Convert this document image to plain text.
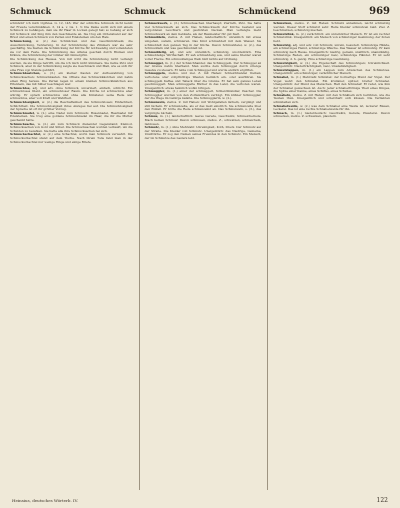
Schmuck	Schmuck	Schmückend	969

schmückt' ich mich Ogilvies. G. 12, 145; Wer der schlichte Schmuck nicht kennt der Freude verschmähnen. 3, 14 a. v. Gs. 1. 3; Die Dame sucht sich mit einem Schmuck zu behängen, dem sie ihr Haar in Locken gelegt hat; so behang er sich mit Schmuck und hing ihm den Geschmeide an. Sie trug ein Ordensband auf der Brust und einen Schmuck von Perlen und Edelsteinen um den Hals.

Schmuckung, w. (2.) das Schmücken und das Geschmücktsein; die Ausschmückung, Verzierung. In der Schmückung des Zimmers war sie sehr geschäftig. Sie hielten die Schmückung der Kirche für nothwendig und vollendeten sie vor dem Feste. Die Schmückung des Altares geschah durch Blumen und Kränze, die Schmückung der Gräber mit Immergrün.

Die Schmückung des Hauses. Von mir wird die Schmückung nicht verlangt werden, da sie Dinge betrifft, um die ich mich nicht kümmere. Sie liebte Putz und Schmuck, aber in der Schmückung zeigte sie Geschmack und Maß, wie es sich für eine Frau von Stande gebührt.

Schmuckkästchen, s. (3.) ein kleiner Kasten zur Aufbewahrung von Schmucksachen; Schmuckkasten. Sie öffnete das Schmuckkästchen und nahm einen Ring heraus. Die Perlen lagen in einem kleinen Schmuckkästchen aus Elfenbein, das mit Silber beschlagen war.

Schmucklos, adj. und adv. ohne Schmuck, unverziert, einfach, schlicht. Ein schmuckloses Kleid, ein schmuckloser Raum. Die Kirche ist schmucklos aber würdig. Er sprach schmucklos und ohne alle Künstelei; seine Rede war schmucklos, aber voll Kraft und Wahrheit.

Schmucklosigkeit, w. (2.) die Beschaffenheit des Schmucklosen; Einfachheit, Schlichtheit. Die Schmucklosigkeit ihres Anzuges fiel auf. Die Schmucklosigkeit der Sprache ist oft ihr größter Vorzug.

Schmucknadel, w. (2.) eine Nadel zum Schmuck; Busennadel, Haarnadel mit Edelsteinen. Sie trug eine goldene Schmucknadel im Haar, die ihr die Mutter geschenkt hatte.

Schmucksache, w. (2.) ein zum Schmuck dienender Gegenstand; Kleinod. Schmucksachen von Gold und Silber. Die Schmucksachen wurden verkauft, um die Schulden zu bezahlen. Sie hatte alle ihre Schmucksachen bei sich.

Schmuckschachtel, w. (2.) eine Schachtel, worin man Schmuck verwahrt. Die Schmuckschachtel stand auf dem Tische. Nach ihrem Tode fand man in der Schmuckschachtel nur wenige Ringe und einige Briefe.

Schmuckwerk, s. (3.) Schmucksachen überhaupt; Zierrath, Putz. Sie hatte viel Schmuckwerk an sich. Das Schmuckwerk der Kirche bestand aus vergoldeten Leuchtern und gestickten Decken. Man verlangte mehr Schmuckwerk an dem Gebäude, als der Baumeister für gut hielt.

Schmuddeln, ziellos. Z. mit Haben, landschaftlich: unreinlich mit etwas umgehen, sudeln, schmieren. Das Kind schmuddelt mit dem Wasser. Sie schmuddelt den ganzen Tag in der Küche. Davon Schmuddelei, w. (2.), das Schmuddeln und was geschmuddelt ist.

Schmuddelig, adj. und adv. unreinlich, schmutzig, unordentlich. Eine schmuddelige Wirthschaft. Er sah schmuddelig aus, und seine Kleider waren voller Flecke. Ein schmuddeliges Weib hält nichts auf Ordnung.

Schmuggel, m. (1.) der Schleichhandel; das Schmuggeln. Der Schmuggel an der Grenze nahm überhand. Man suchte dem Schmuggel durch strenge Gesetze zu steuern. Er lebte vom Schmuggel und wurde endlich ergriffen.

Schmuggeln, ziellos. und ziel. Z. mit Haben: Schleichhandel treiben; verbotene oder zollpflichtige Waaren heimlich ein- oder ausführen. Sie schmuggeln Kaffee und Taback über die Grenze. Er hat sein ganzes Leben geschmuggelt. Man schmuggelte Bücher in das Land, die verboten waren. Uneigentlich: etwas heimlich wohin bringen.

Schmuggler, m. (1.) einer der schmuggelt, Schleichhändler, Pascher. Die Schmuggler wurden von den Zollwächtern verfolgt. Ein kühner Schmuggler, der die Wege im Gebirge kannte. Die Schmugglerin, w. (2.).

Schmunzeln, ziellos. Z. mit Haben: mit Wohlgefallen lächeln, vergnügt und still lächeln. Er schmunzelte, als er das Geld einstrich. Sie schmunzelte über den Einfall. Er hörte die Rede schmunzelnd an. Das Schmunzeln, s. (3.), das vergnügte Lächeln.

Schmus, m. (1.) landschaftlich: leeres Gerede, Geschwätz, Schmeichelrede. Mach keinen Schmus! Davon schmusen, ziellos. Z., schwatzen, schmeicheln, liebkosen.

Schmutz, m. (1.) ohne Mehrzahl: Unreinigkeit, Koth, Dreck. Der Schmutz auf der Straße. Die Kleider voll Schmutz. Uneigentlich: das Niedrige, Gemeine, Unsittliche. Er zog den Namen seines Freundes in den Schmutz. Ein Mensch, der im Schmutze des Lasters lebt.

Schmutzen, ziellos. Z. mit Haben: Schmutz annehmen, leicht schmutzig werden. Dieser Stoff schmutzt sehr. Helle Kleider schmutzen bald. Ziel. Z. beschmutzen, schmutzig machen.

Schmutzfink, m. (2.) verächtlich: ein unreinlicher Mensch. Er ist ein rechter Schmutzfink. Uneigentlich: ein Mensch von schmutziger Gesinnung, der Zoten liebt.

Schmutzig, adj. und adv. voll Schmutz, unrein, besudelt. Schmutzige Hände, ein schmutziges Hemd, schmutzige Wäsche. Das Wasser ist schmutzig. Er kam schmutzig nach Hause. Uneigentlich: niedrig, gemein, unsittlich, unanständig. Schmutzige Reden, ein schmutziger Geiz, schmutzige Händel. Er ist sehr schmutzig, d. h. geizig. Eine schmutzige Gesinnung.

Schmutzigkeit, w. (2.) die Eigenschaft des Schmutzigen; Unreinlichkeit. Uneigentlich: Niederträchtigkeit, Geiz, Unanständigkeit.

Schmutzlappen, m. (1.) ein Lappen zum Abwischen des Schmutzes. Uneigentlich: ein schmutziger, verächtlicher Mensch.

Schnabel, m. (1.) Mehrzahl Schnäbel: der hornartige Mund der Vögel. Der Vogel wetzt den Schnabel. Ein krummer, spitzer, breiter Schnabel. Uneigentlich: der Mund des Menschen. Halt den Schnabel! Er redet, wie ihm der Schnabel gewachsen ist. Auch: jeder schnabelförmige Theil eines Dinges, die Spitze einer Kanne, eines Schiffes, eines Schuhes.

Schnäbeln, ziellos. Z. mit Haben: mit den Schnäbeln sich berühren, wie die Tauben thun. Uneigentlich und scherzhaft: sich küssen. Die Verliebten schnäbelten sich.

Schnabelweide, w. (2.) was dem Schnabel eine Weide ist, leckerer Bissen, Leckerei. Das ist eine rechte Schnabelweide für ihn.

Schnack, m. (1.) niederdeutsch: Geschwätz, Gerede, Plauderei. Davon schnacken, ziellos. Z. schwatzen, plaudern.

Heinsius, deutsches Wörterb. IV.	122
